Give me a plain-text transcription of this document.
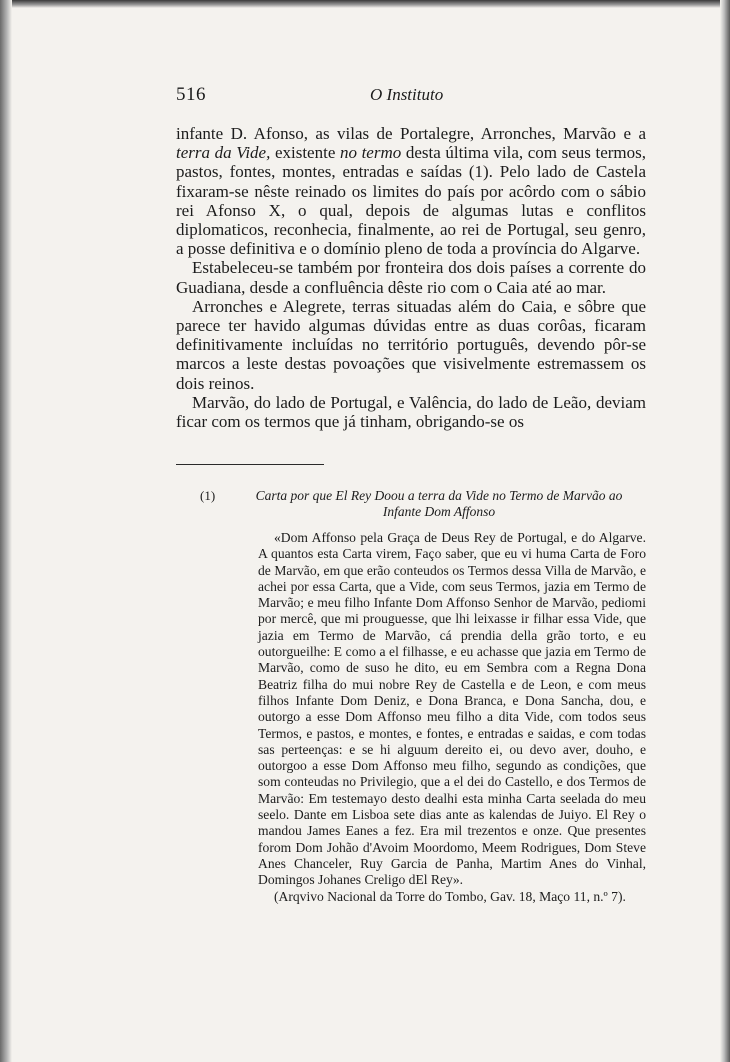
516	O Instituto

infante D. Afonso, as vilas de Portalegre, Arronches, Marvão e a terra da Vide, existente no termo desta última vila, com seus termos, pastos, fontes, montes, entradas e saídas (1). Pelo lado de Castela fixaram-se nêste reinado os limites do país por acôrdo com o sábio rei Afonso X, o qual, depois de algumas lutas e conflitos diplomaticos, reconhecia, finalmente, ao rei de Portugal, seu genro, a posse definitiva e o domínio pleno de toda a província do Algarve.

Estabeleceu-se também por fronteira dos dois países a corrente do Guadiana, desde a confluência dêste rio com o Caia até ao mar.

Arronches e Alegrete, terras situadas além do Caia, e sôbre que parece ter havido algumas dúvidas entre as duas corôas, ficaram definitivamente incluídas no território português, devendo pôr-se marcos a leste destas povoações que visivelmente estremassem os dois reinos.

Marvão, do lado de Portugal, e Valência, do lado de Leão, deviam ficar com os termos que já tinham, obrigando-se os

(1)	Carta por que El Rey Doou a terra da Vide no Termo de Marvão ao Infante Dom Affonso

«Dom Affonso pela Graça de Deus Rey de Portugal, e do Algarve. A quantos esta Carta virem, Faço saber, que eu vi huma Carta de Foro de Marvão, em que erão conteudos os Termos dessa Villa de Marvão, e achei por essa Carta, que a Vide, com seus Termos, jazia em Termo de Marvão; e meu filho Infante Dom Affonso Senhor de Marvão, pediomi por mercê, que mi prouguesse, que lhi leixasse ir filhar essa Vide, que jazia em Termo de Marvão, cá prendia della grão torto, e eu outorgueilhe: E como a el filhasse, e eu achasse que jazia em Termo de Marvão, como de suso he dito, eu em Sembra com a Regna Dona Beatriz filha do mui nobre Rey de Castella e de Leon, e com meus filhos Infante Dom Deniz, e Dona Branca, e Dona Sancha, dou, e outorgo a esse Dom Affonso meu filho a dita Vide, com todos seus Termos, e pastos, e montes, e fontes, e entradas e saidas, e com todas sas perteenças: e se hi alguum dereito ei, ou devo aver, douho, e outorgoo a esse Dom Affonso meu filho, segundo as condições, que som conteudas no Privilegio, que a el dei do Castello, e dos Termos de Marvão: Em testemayo desto dealhi esta minha Carta seelada do meu seelo. Dante em Lisboa sete dias ante as kalendas de Juiyo. El Rey o mandou James Eanes a fez. Era mil trezentos e onze. Que presentes forom Dom Johão d'Avoim Moordomo, Meem Rodrigues, Dom Steve Anes Chanceler, Ruy Garcia de Panha, Martim Anes do Vinhal, Domingos Johanes Creligo dEl Rey».

(Arqvivo Nacional da Torre do Tombo, Gav. 18, Maço 11, n.º 7).
